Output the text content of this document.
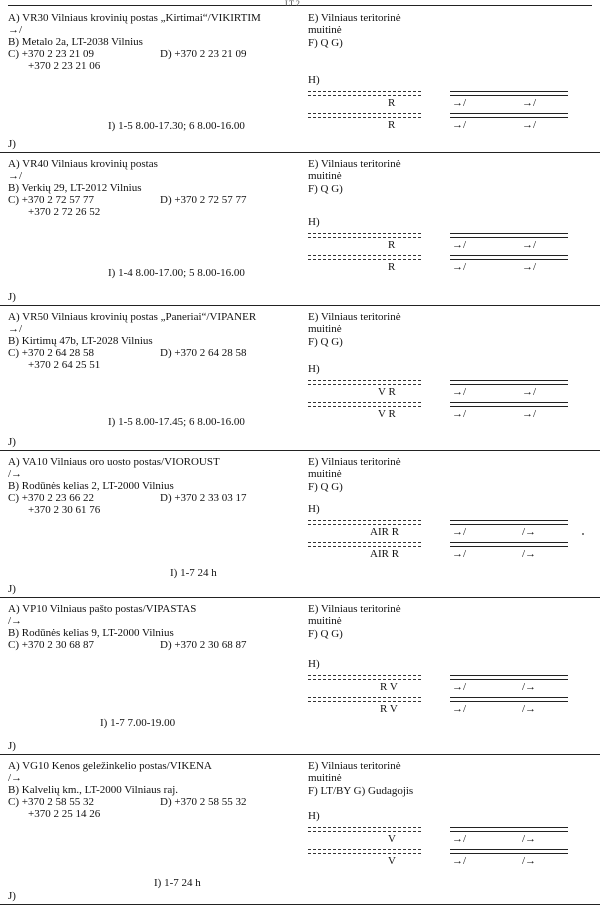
LT 2
A) VR30 Vilniaus krovinių postas „Kirtimai“/VIKIRTIM
→/
B) Metalo 2a, LT-2038 Vilnius
C) +370 2 23 21 09	D) +370 2 23 21 09
+370 2 23 21 06
I) 1-5 8.00-17.30; 6 8.00-16.00
J)
E) Vilniaus teritorinė
muitinė
F) Q G)
H)
R	→/	→/
R	→/	→/
A) VR40 Vilniaus krovinių postas
→/
B) Verkių 29, LT-2012 Vilnius
C) +370 2 72 57 77	D) +370 2 72 57 77
+370 2 72 26 52
I) 1-4 8.00-17.00; 5 8.00-16.00
J)
E) Vilniaus teritorinė
muitinė
F) Q G)
H)
R	→/	→/
R	→/	→/
A) VR50 Vilniaus krovinių postas „Paneriai“/VIPANER
→/
B) Kirtimų 47b, LT-2028 Vilnius
C) +370 2 64 28 58	D) +370 2 64 28 58
+370 2 64 25 51
I) 1-5 8.00-17.45; 6 8.00-16.00
J)
E) Vilniaus teritorinė
muitinė
F) Q G)
H)
V R	→/	→/
V R	→/	→/
A) VA10 Vilniaus oro uosto postas/VIOROUST
/→
B) Rodūnės kelias 2, LT-2000 Vilnius
C) +370 2 23 66 22	D) +370 2 33 03 17
+370 2 30 61 76
I) 1-7 24 h
J)
E) Vilniaus teritorinė
muitinė
F) Q G)
H)
AIR R	→/	/→
AIR R	→/	/→
A) VP10 Vilniaus pašto postas/VIPASTAS
/→
B) Rodūnės kelias 9, LT-2000 Vilnius
C) +370 2 30 68 87	D) +370 2 30 68 87
I) 1-7 7.00-19.00
J)
E) Vilniaus teritorinė
muitinė
F) Q G)
H)
R V	→/	/→
R V	→/	/→
A) VG10 Kenos geležinkelio postas/VIKENA
/→
B) Kalvelių km., LT-2000 Vilniaus raj.
C) +370 2 58 55 32	D) +370 2 58 55 32
+370 2 25 14 26
I) 1-7 24 h
J)
E) Vilniaus teritorinė
muitinė
F) LT/BY G) Gudagojis
H)
V	→/	/→
V	→/	/→
